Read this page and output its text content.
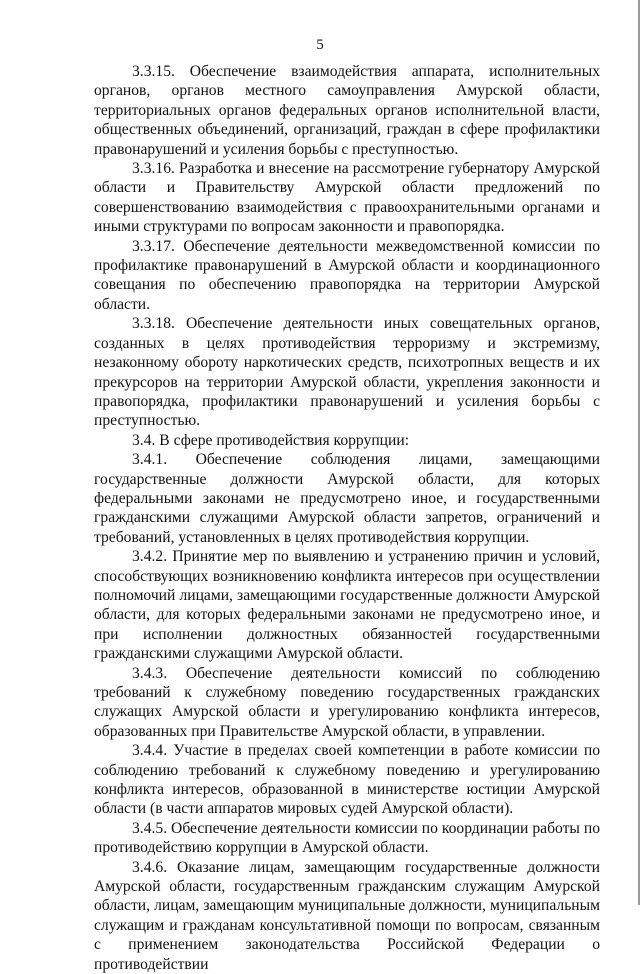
5

3.3.15. Обеспечение взаимодействия аппарата, исполнительных органов, органов местного самоуправления Амурской области, территориальных органов федеральных органов исполнительной власти, общественных объединений, организаций, граждан в сфере профилактики правонарушений и усиления борьбы с преступностью.

3.3.16. Разработка и внесение на рассмотрение губернатору Амурской области и Правительству Амурской области предложений по совершенствованию взаимодействия с правоохранительными органами и иными структурами по вопросам законности и правопорядка.

3.3.17. Обеспечение деятельности межведомственной комиссии по профилактике правонарушений в Амурской области и координационного совещания по обеспечению правопорядка на территории Амурской области.

3.3.18. Обеспечение деятельности иных совещательных органов, созданных в целях противодействия терроризму и экстремизму, незаконному обороту наркотических средств, психотропных веществ и их прекурсоров на территории Амурской области, укрепления законности и правопорядка, профилактики правонарушений и усиления борьбы с преступностью.

3.4. В сфере противодействия коррупции:

3.4.1. Обеспечение соблюдения лицами, замещающими государственные должности Амурской области, для которых федеральными законами не предусмотрено иное, и государственными гражданскими служащими Амурской области запретов, ограничений и требований, установленных в целях противодействия коррупции.

3.4.2. Принятие мер по выявлению и устранению причин и условий, способствующих возникновению конфликта интересов при осуществлении полномочий лицами, замещающими государственные должности Амурской области, для которых федеральными законами не предусмотрено иное, и при исполнении должностных обязанностей государственными гражданскими служащими Амурской области.

3.4.3. Обеспечение деятельности комиссий по соблюдению требований к служебному поведению государственных гражданских служащих Амурской области и урегулированию конфликта интересов, образованных при Правительстве Амурской области, в управлении.

3.4.4. Участие в пределах своей компетенции в работе комиссии по соблюдению требований к служебному поведению и урегулированию конфликта интересов, образованной в министерстве юстиции Амурской области (в части аппаратов мировых судей Амурской области).

3.4.5. Обеспечение деятельности комиссии по координации работы по противодействию коррупции в Амурской области.

3.4.6. Оказание лицам, замещающим государственные должности Амурской области, государственным гражданским служащим Амурской области, лицам, замещающим муниципальные должности, муниципальным служащим и гражданам консультативной помощи по вопросам, связанным с применением законодательства Российской Федерации о противодействии
